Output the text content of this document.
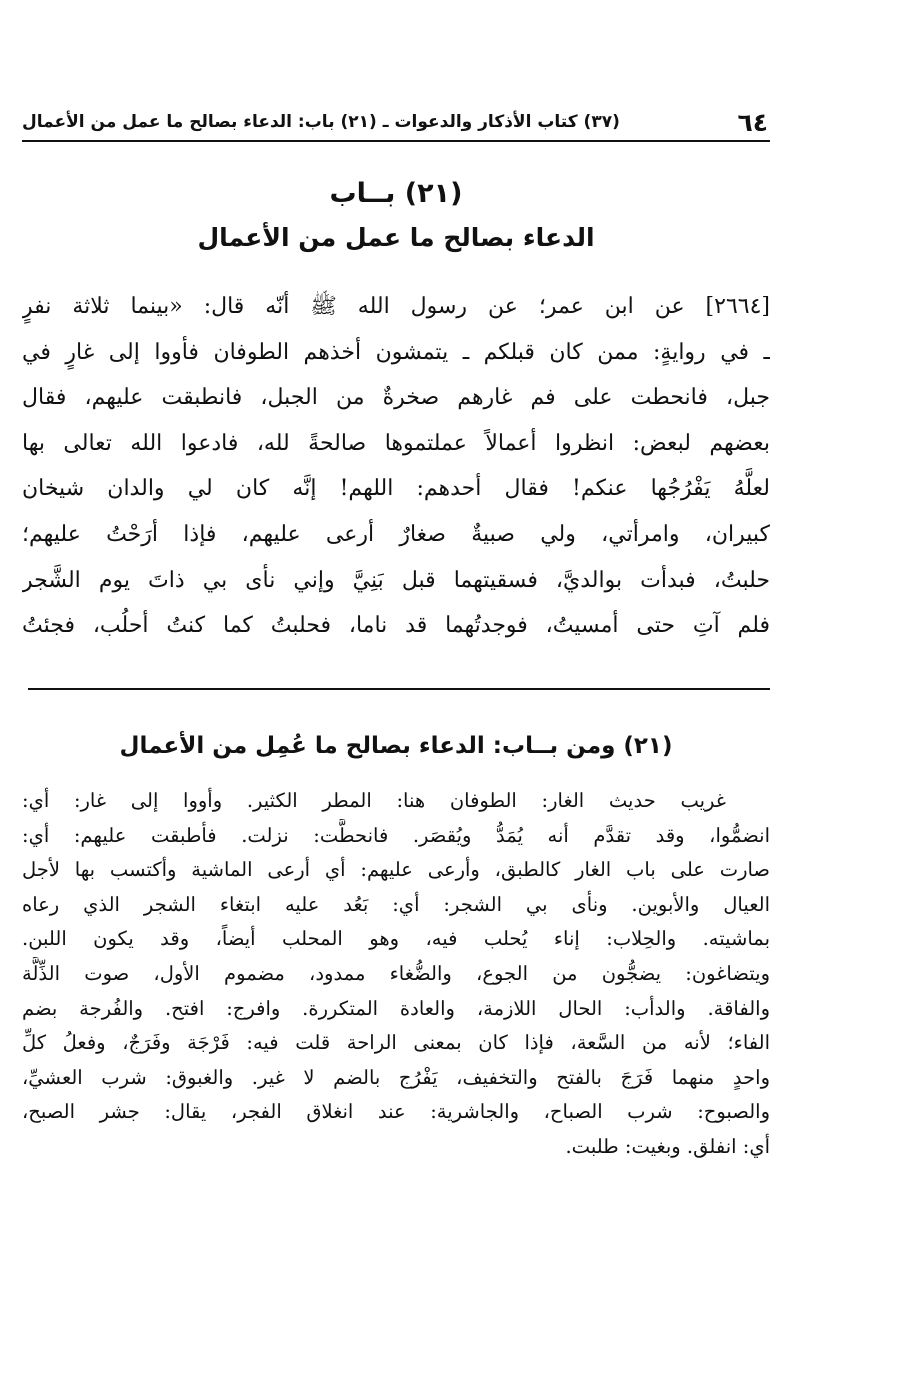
٦٤
(٣٧) كتاب الأذكار والدعوات ـ (٢١) باب: الدعاء بصالح ما عمل من الأعمال
(٢١) بــاب
الدعاء بصالح ما عمل من الأعمال
[٢٦٦٤] عن ابن عمر؛ عن رسول الله ﷺ أنّه قال: «بينما ثلاثة نفرٍ
ـ في روايةٍ: ممن كان قبلكم ـ يتمشون أخذهم الطوفان فأووا إلى غارٍ في
جبل، فانحطت على فم غارهم صخرةٌ من الجبل، فانطبقت عليهم، فقال
بعضهم لبعض: انظروا أعمالاً عملتموها صالحةً لله، فادعوا الله تعالى بها
لعلَّهُ يَفْرُجُها عنكم! فقال أحدهم: اللهم! إنَّه كان لي والدان شيخان
كبيران، وامرأتي، ولي صبيةٌ صغارٌ أرعى عليهم، فإذا أرَحْتُ عليهم؛
حلبتُ، فبدأت بوالديَّ، فسقيتهما قبل بَنِيَّ وإني نأى بي ذاتَ يوم الشَّجر
فلم آتِ حتى أمسيتُ، فوجدتُهما قد ناما، فحلبتُ كما كنتُ أحلُب، فجئتُ
(٢١) ومن بــاب: الدعاء بصالح ما عُمِل من الأعمال
غريب حديث الغار: الطوفان هنا: المطر الكثير. وأووا إلى غار: أي:
انضمُّوا، وقد تقدَّم أنه يُمَدُّ ويُقصَر. فانحطَّت: نزلت. فأطبقت عليهم: أي:
صارت على باب الغار كالطبق، وأرعى عليهم: أي أرعى الماشية وأكتسب بها لأجل
العيال والأبوين. ونأى بي الشجر: أي: بَعُد عليه ابتغاء الشجر الذي رعاه
بماشيته. والحِلاب: إناء يُحلب فيه، وهو المحلب أيضاً، وقد يكون اللبن.
ويتضاغون: يضجُّون من الجوع، والضُّغاء ممدود، مضموم الأول، صوت الذِّلَّة
والفاقة. والدأب: الحال اللازمة، والعادة المتكررة. وافرج: افتح. والفُرجة بضم
الفاء؛ لأنه من السَّعة، فإذا كان بمعنى الراحة قلت فيه: فَرْجَة وفَرَجٌ، وفعلُ كلِّ
واحدٍ منهما فَرَجَ بالفتح والتخفيف، يَفْرُج بالضم لا غير. والغبوق: شرب العشيِّ،
والصبوح: شرب الصباح، والجاشرية: عند انغلاق الفجر، يقال: جشر الصبح،
أي: انفلق. وبغيت: طلبت.
